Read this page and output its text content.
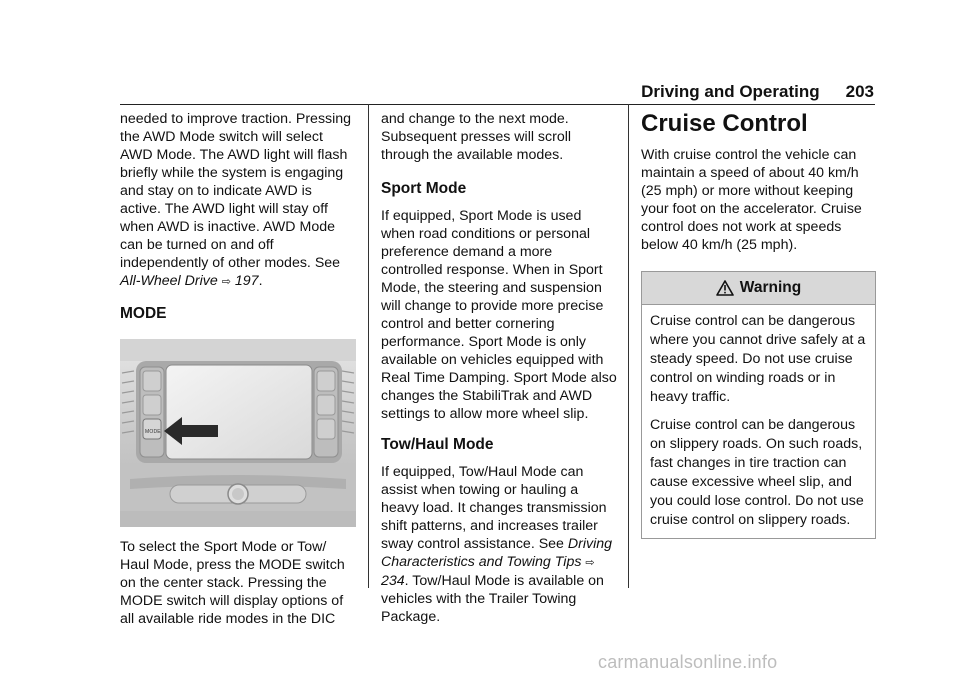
Driving and Operating 203

needed to improve traction. Pressing the AWD Mode switch will select AWD Mode. The AWD light will flash briefly while the system is engaging and stay on to indicate AWD is active. The AWD light will stay off when AWD is inactive. AWD Mode can be turned on and off independently of other modes. See All-Wheel Drive ⇨ 197.

MODE
MODE

To select the Sport Mode or Tow/ Haul Mode, press the MODE switch on the center stack. Pressing the MODE switch will display options of all available ride modes in the DIC

and change to the next mode. Subsequent presses will scroll through the available modes.

Sport Mode

If equipped, Sport Mode is used when road conditions or personal preference demand a more controlled response. When in Sport Mode, the steering and suspension will change to provide more precise control and better cornering performance. Sport Mode is only available on vehicles equipped with Real Time Damping. Sport Mode also changes the StabiliTrak and AWD settings to allow more wheel slip.

Tow/Haul Mode

If equipped, Tow/Haul Mode can assist when towing or hauling a heavy load. It changes transmission shift patterns, and increases trailer sway control assistance. See Driving Characteristics and Towing Tips ⇨ 234. Tow/Haul Mode is available on vehicles with the Trailer Towing Package.

Cruise Control

With cruise control the vehicle can maintain a speed of about 40 km/h (25 mph) or more without keeping your foot on the accelerator. Cruise control does not work at speeds below 40 km/h (25 mph).

Warning

Cruise control can be dangerous where you cannot drive safely at a steady speed. Do not use cruise control on winding roads or in heavy traffic.

Cruise control can be dangerous on slippery roads. On such roads, fast changes in tire traction can cause excessive wheel slip, and you could lose control. Do not use cruise control on slippery roads.

carmanualsonline.info
